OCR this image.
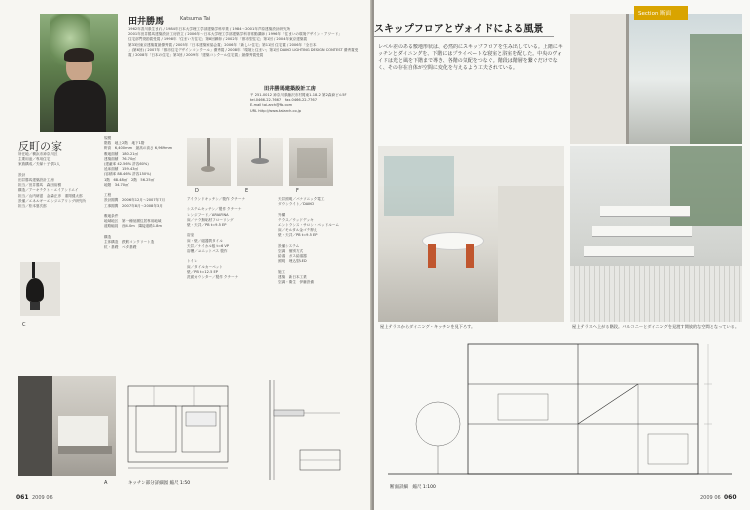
田井勝馬	Katsuma Tai
1962年香川県生まれ / 1984年日本大学理工学部建築学科卒業 / 1984〜2001年芦原建築設計研究所
2001年田井勝馬建築設計工房設立 / 2006年〜日本大学理工学部建築学科非常勤講師 / 1996年「住まいの環境デザイン・アワード」
住宅部門奨励賞受賞 / 1998年「住まい方住宅」第8回顕彰 / 2002年「都市型住宅」第1回 / 2004年東京建築賞
第33回東京建築賞最優秀賞 / 2005年「日本建築家協会賞」2006年「新しい住宅」第11回 住宅賞 / 2006年「全日本
」(第6回) / 2007年「都市住宅デザインコンクール」優秀賞 / 2008年「環境と住まい」第1回 DAIKO LIGHTING DESIGN CONTEST 優秀賞受賞 / 2008年「日本の住宅」第3回 / 2009年「建築コンクール住宅賞」最優秀賞受賞
田井勝馬建築設計工房
〒 251-0012 神奈川県藤沢市村岡東1-18-2 第2森商ビル5F
tel.0466-22-7667　fax.0466-22-7767
E-mail tai-arch@fb.com
URL http://www.taiarch.co.jp
反町の家
所在地／横浜市神奈川区
主要用途／専用住宅
家族構成／夫婦＋子供1人

設計
田井勝馬建築設計工房
担当／田井勝馬　森田裕樹
構造／アーキテクト・エイアンドエイ
担当／山内研滋　金森正彦　重岡健太郎
設備／エネルギーエンジニアリング研究所
担当／松本夏次郎
規模
階数　地上2階　地下1階
軒高　6,400mm　最高の高さ 6,969mm
敷地面積　180.21㎡
建築面積　76.70㎡
(建蔽率 42.56% 許容60%)
延床面積　159.43㎡
(容積率 88.46% 許容150%)
1階　68.48㎡　2階　56.25㎡
地階　34.70㎡

工程
設計期間　2006年12月〜2007年7月
工事期間　2007年8月〜2008年3月

敷地条件
地域地区　第一種低層住居専用地域
道路幅員　西4.0m　隣接道路1.8m

構造
主体構造　鉄筋コンクリート造
杭・基礎　ベタ基礎
D	E	F
アイランドキッチン／製作 クチーナ

システムキッチン／製作 クチーナ
レンジフード／ARIAFINA
床／ナラ無垢材フローリング
壁・天井／PB t=9.5 EP

浴室
床・壁／磁器質タイル
天井／ケイカル板 t=6 VP
浴槽／ユニットバス 製作

トイレ
床／タイルカーペット
壁／PB t=12.5 EP
洗面カウンター／製作 クチーナ
天井照明／パナソニック電工
ダウンライト／DAIKO

外構
テラス／ウッドデッキ
エントランス・サロン・ベッドルーム
床／モルタル金ゴテ押え
壁・天井／PB t=9.5 EP

設備システム
空調　個別方式
給湯　ガス給湯器
照明　埋込型LED

施工
建築　新日本工業
空調・衛生　伊藤設備
C
A	キッチン部分詳細図 縮尺 1:50
061 2009 06
スキップフロアとヴォイドによる風景
レベル差のある敷地形状は、必然的にスキップフロアを生み出している。上階にキッチンとダイニングを、下階にはプライベートな寝室と浴室を配した。中央のヴォイドは光と風を下階まで導き、各階の気配をつなぐ。階段は階層を繋ぐだけでなく、その存在自体が空間に変化を与えるよう工夫されている。
Section 断面
屋上テラスからダイニング・キッチンを見下ろす。	屋上テラスへ上がる階段。バルコニーとダイニングを見渡す開放的な空間となっている。
断面詳細　縮尺 1:100
2009 06 060
